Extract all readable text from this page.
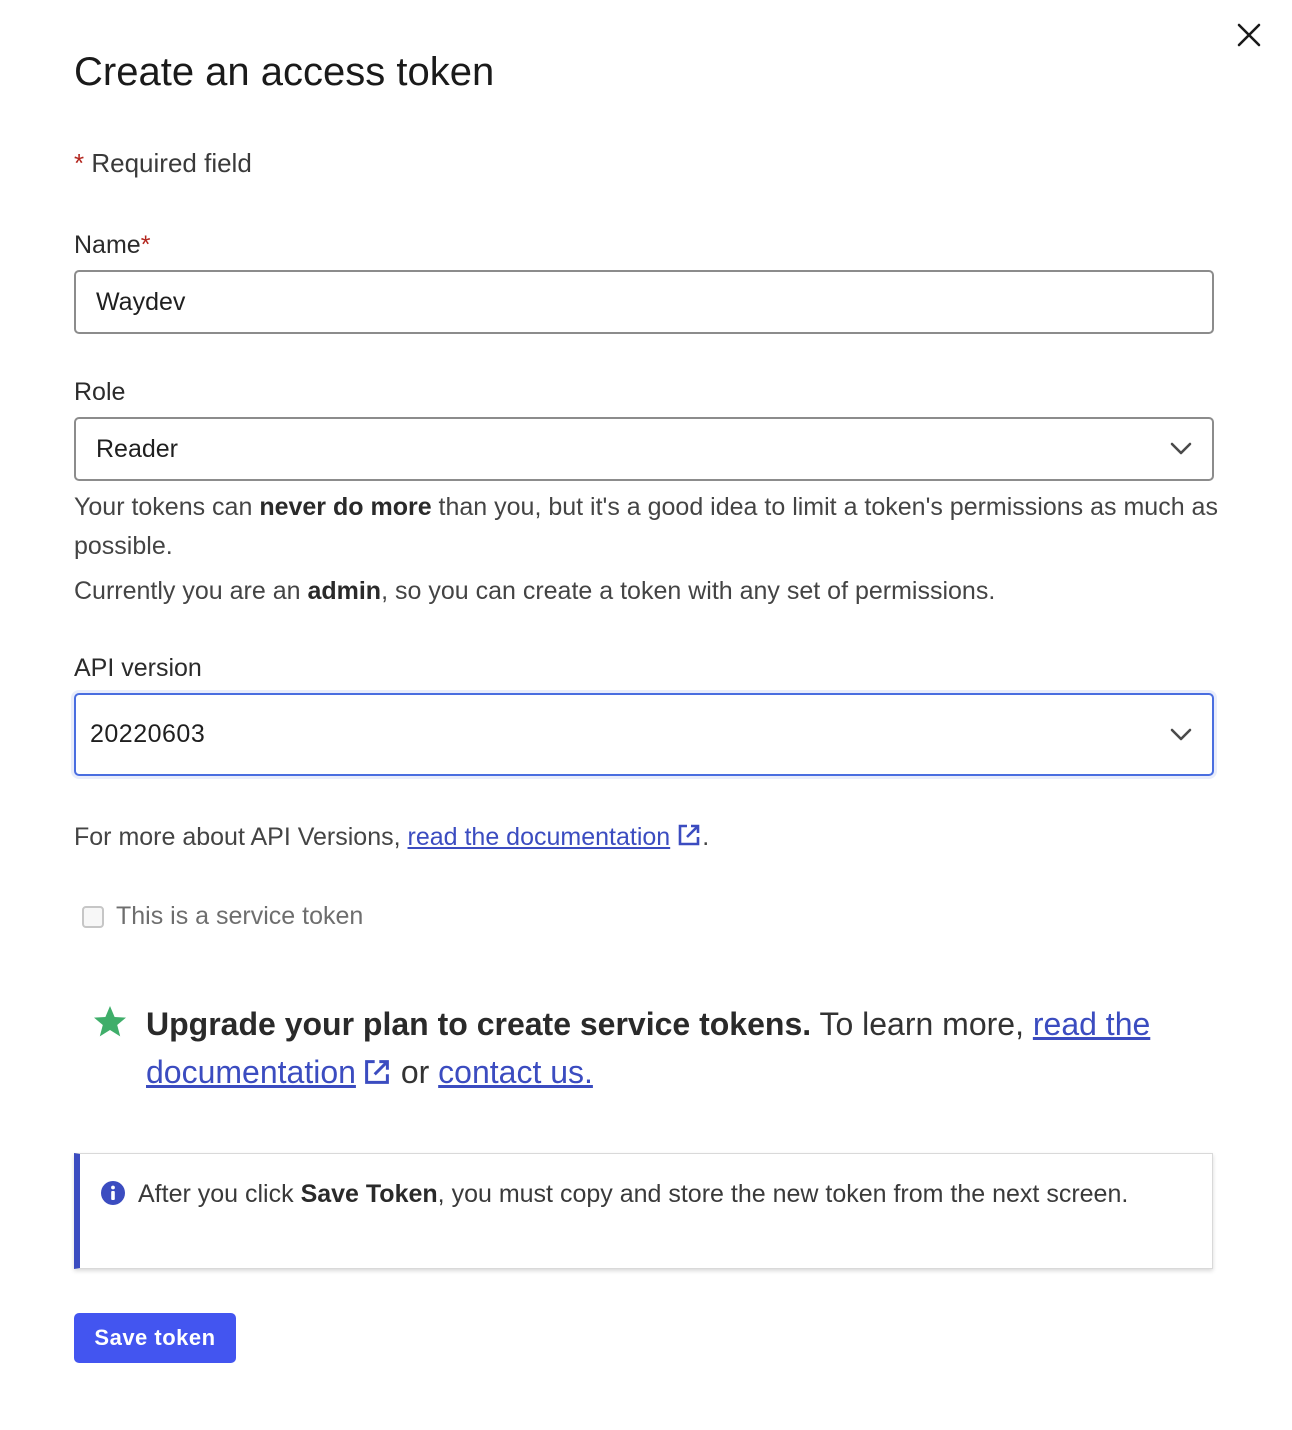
Create an access token
* Required field
Name*
Waydev
Role
Reader
Your tokens can never do more than you, but it's a good idea to limit a token's permissions as much as possible.
Currently you are an admin, so you can create a token with any set of permissions.
API version
20220603
For more about API Versions, read the documentation .
This is a service token
Upgrade your plan to create service tokens. To learn more, read the documentation or contact us.
After you click Save Token, you must copy and store the new token from the next screen.
Save token
